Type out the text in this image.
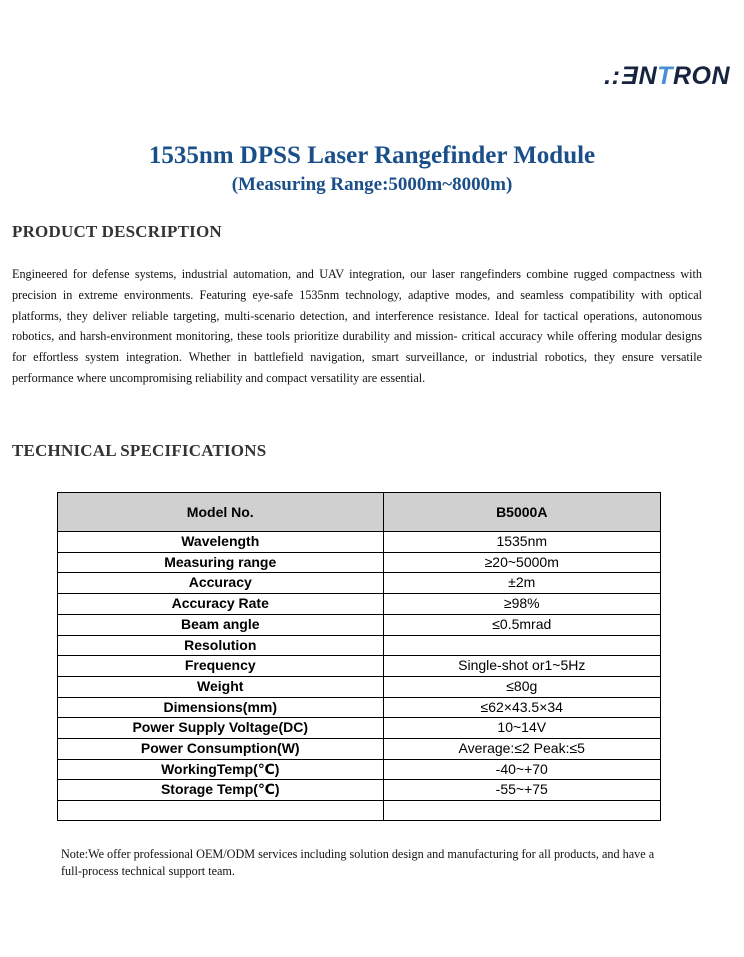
.:ƎNTRON
1535nm DPSS Laser Rangefinder Module
(Measuring Range:5000m~8000m)
PRODUCT DESCRIPTION
Engineered for defense systems, industrial automation, and UAV integration, our laser rangefinders combine rugged compactness with precision in extreme environments. Featuring eye-safe 1535nm technology, adaptive modes, and seamless compatibility with optical platforms, they deliver reliable targeting, multi-scenario detection, and interference resistance. Ideal for tactical operations, autonomous robotics, and harsh-environment monitoring, these tools prioritize durability and mission- critical accuracy while offering modular designs for effortless system integration. Whether in battlefield navigation, smart surveillance, or industrial robotics, they ensure versatile performance where uncompromising reliability and compact versatility are essential.
TECHNICAL SPECIFICATIONS
Model No.	B5000A
Wavelength	1535nm
Measuring range	≥20~5000m
Accuracy	±2m
Accuracy Rate	≥98%
Beam angle	≤0.5mrad
Resolution	
Frequency	Single-shot or1~5Hz
Weight	≤80g
Dimensions(mm)	≤62×43.5×34
Power Supply Voltage(DC)	10~14V
Power Consumption(W)	Average:≤2 Peak:≤5
WorkingTemp(℃)	-40~+70
Storage Temp(℃)	-55~+75

Note:We offer professional OEM/ODM services including solution design and manufacturing for all products, and have a full-process technical support team.
